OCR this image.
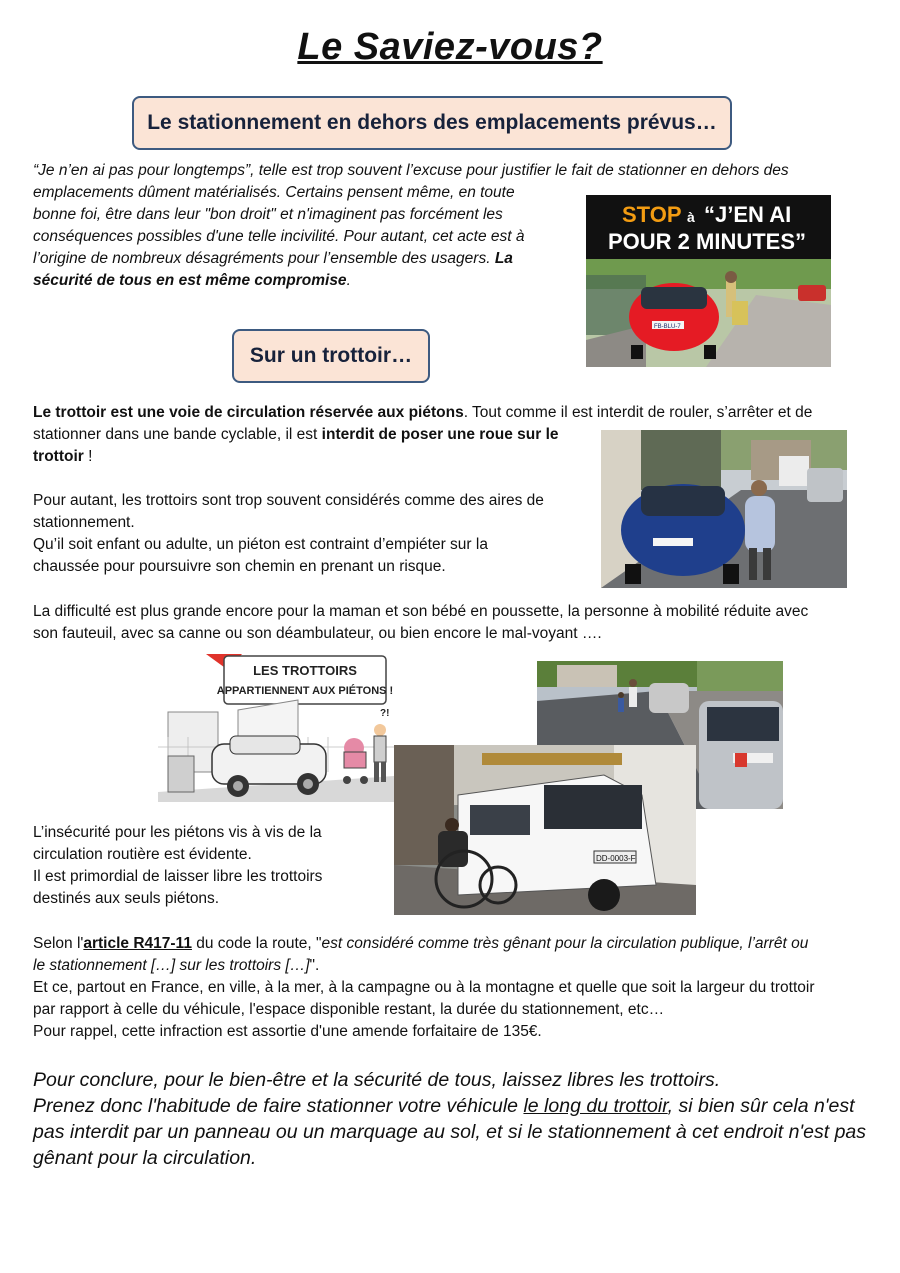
Le Saviez-vous?
Le stationnement en dehors des emplacements prévus…
“Je n’en ai pas pour longtemps”, telle est trop souvent l’excuse pour justifier le fait de stationner en dehors des
emplacements dûment matérialisés. Certains pensent même, en toute
bonne foi, être dans leur "bon droit" et n'imaginent pas forcément les
conséquences possibles d'une telle incivilité. Pour autant, cet acte est à
l’origine de nombreux désagréments pour l’ensemble des usagers. La
sécurité de tous en est même compromise.
STOP à “J’EN AI
POUR 2 MINUTES”
FB-BLU-7
Sur un trottoir…
Le trottoir est une voie de circulation réservée aux piétons. Tout comme il est interdit de rouler, s’arrêter et de
stationner dans une bande cyclable, il est interdit de poser une roue sur le
trottoir !
Pour autant, les trottoirs sont trop souvent considérés comme des aires de
stationnement.
Qu’il soit enfant ou adulte, un piéton est contraint d’empiéter sur la
chaussée pour poursuivre son chemin en prenant un risque.
La difficulté est plus grande encore pour la maman et son bébé en poussette, la personne à mobilité réduite avec
son fauteuil, avec sa canne ou son déambulateur, ou bien encore le mal-voyant ….
LES TROTTOIRS
APPARTIENNENT AUX PIÉTONS !
?!
DD-0003-F
L’insécurité pour les piétons vis à vis de la
circulation routière est évidente.
Il est primordial de laisser libre les trottoirs
destinés aux seuls piétons.
Selon l'article R417-11 du code la route, "est considéré comme très gênant pour la circulation publique, l’arrêt ou
le stationnement […] sur les trottoirs […]".
Et ce, partout en France, en ville, à la mer, à la campagne ou à la montagne et quelle que soit la largeur du trottoir
par rapport à celle du véhicule, l'espace disponible restant, la durée du stationnement, etc…
Pour rappel, cette infraction est assortie d'une amende forfaitaire de 135€.
Pour conclure, pour le bien-être et la sécurité de tous, laissez libres les trottoirs.
Prenez donc l'habitude de faire stationner votre véhicule le long du trottoir, si bien sûr cela n'est
pas interdit par un panneau ou un marquage au sol, et si le stationnement à cet endroit n'est pas
gênant pour la circulation.
